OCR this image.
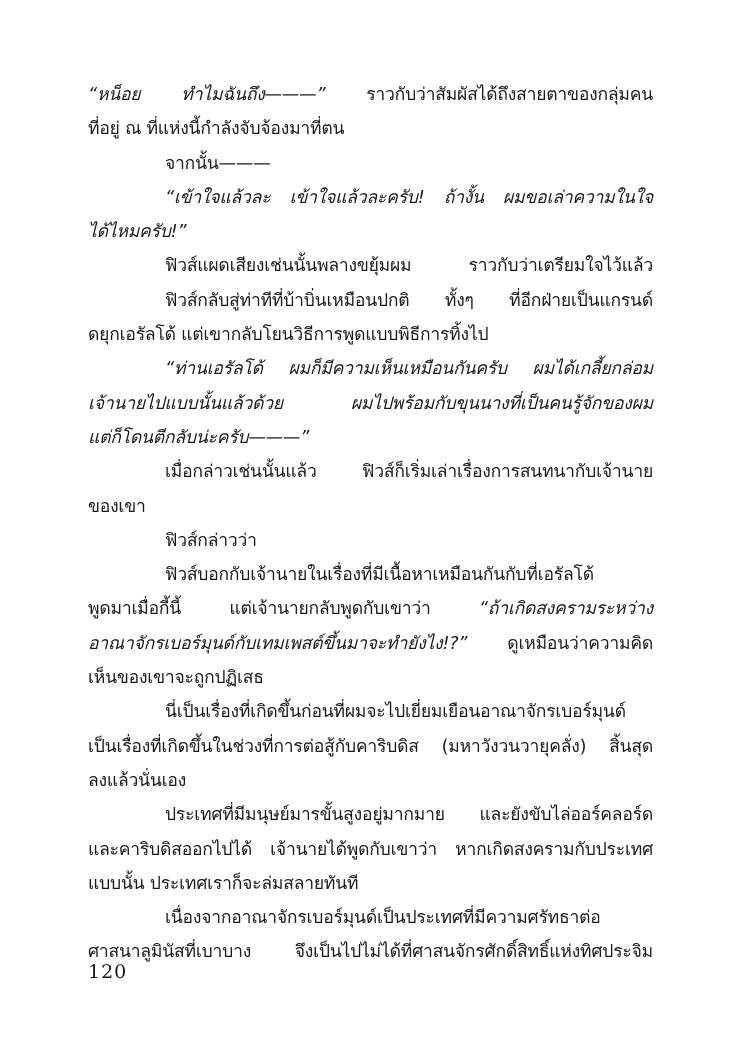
“หน็อย ทำไมฉันถึง———” ราวกับว่าสัมผัสได้ถึงสายตาของกลุ่มคน
ที่อยู่ ณ ที่แห่งนี้กำลังจับจ้องมาที่ตน
จากนั้น———
“เข้าใจแล้วละ เข้าใจแล้วละครับ! ถ้างั้น ผมขอเล่าความในใจ
ได้ไหมครับ!”
ฟิวส์แผดเสียงเช่นนั้นพลางขยุ้มผม ราวกับว่าเตรียมใจไว้แล้ว
ฟิวส์กลับสู่ท่าทีที่บ้าบิ่นเหมือนปกติ ทั้งๆ ที่อีกฝ่ายเป็นแกรนด์
ดยุกเอรัลโด้ แต่เขากลับโยนวิธีการพูดแบบพิธีการทิ้งไป
“ท่านเอรัลโด้ ผมก็มีความเห็นเหมือนกันครับ ผมได้เกลี้ยกล่อม
เจ้านายไปแบบนั้นแล้วด้วย ผมไปพร้อมกับขุนนางที่เป็นคนรู้จักของผม
แต่ก็โดนตีกลับน่ะครับ———”
เมื่อกล่าวเช่นนั้นแล้ว ฟิวส์ก็เริ่มเล่าเรื่องการสนทนากับเจ้านาย
ของเขา
ฟิวส์กล่าวว่า
ฟิวส์บอกกับเจ้านายในเรื่องที่มีเนื้อหาเหมือนกันกับที่เอรัลโด้
พูดมาเมื่อกี้นี้ แต่เจ้านายกลับพูดกับเขาว่า “ถ้าเกิดสงครามระหว่าง
อาณาจักรเบอร์มุนด์กับเทมเพสต์ขึ้นมาจะทำยังไง!?” ดูเหมือนว่าความคิด
เห็นของเขาจะถูกปฏิเสธ
นี่เป็นเรื่องที่เกิดขึ้นก่อนที่ผมจะไปเยี่ยมเยือนอาณาจักรเบอร์มุนด์
เป็นเรื่องที่เกิดขึ้นในช่วงที่การต่อสู้กับคาริบดิส (มหาวังวนวายุคลั่ง) สิ้นสุด
ลงแล้วนั่นเอง
ประเทศที่มีมนุษย์มารขั้นสูงอยู่มากมาย และยังขับไล่ออร์คลอร์ด
และคาริบดิสออกไปได้ เจ้านายได้พูดกับเขาว่า หากเกิดสงครามกับประเทศ
แบบนั้น ประเทศเราก็จะล่มสลายทันที
เนื่องจากอาณาจักรเบอร์มุนด์เป็นประเทศที่มีความศรัทธาต่อ
ศาสนาลูมินัสที่เบาบาง จึงเป็นไปไม่ได้ที่ศาสนจักรศักดิ์สิทธิ์แห่งทิศประจิม
120
